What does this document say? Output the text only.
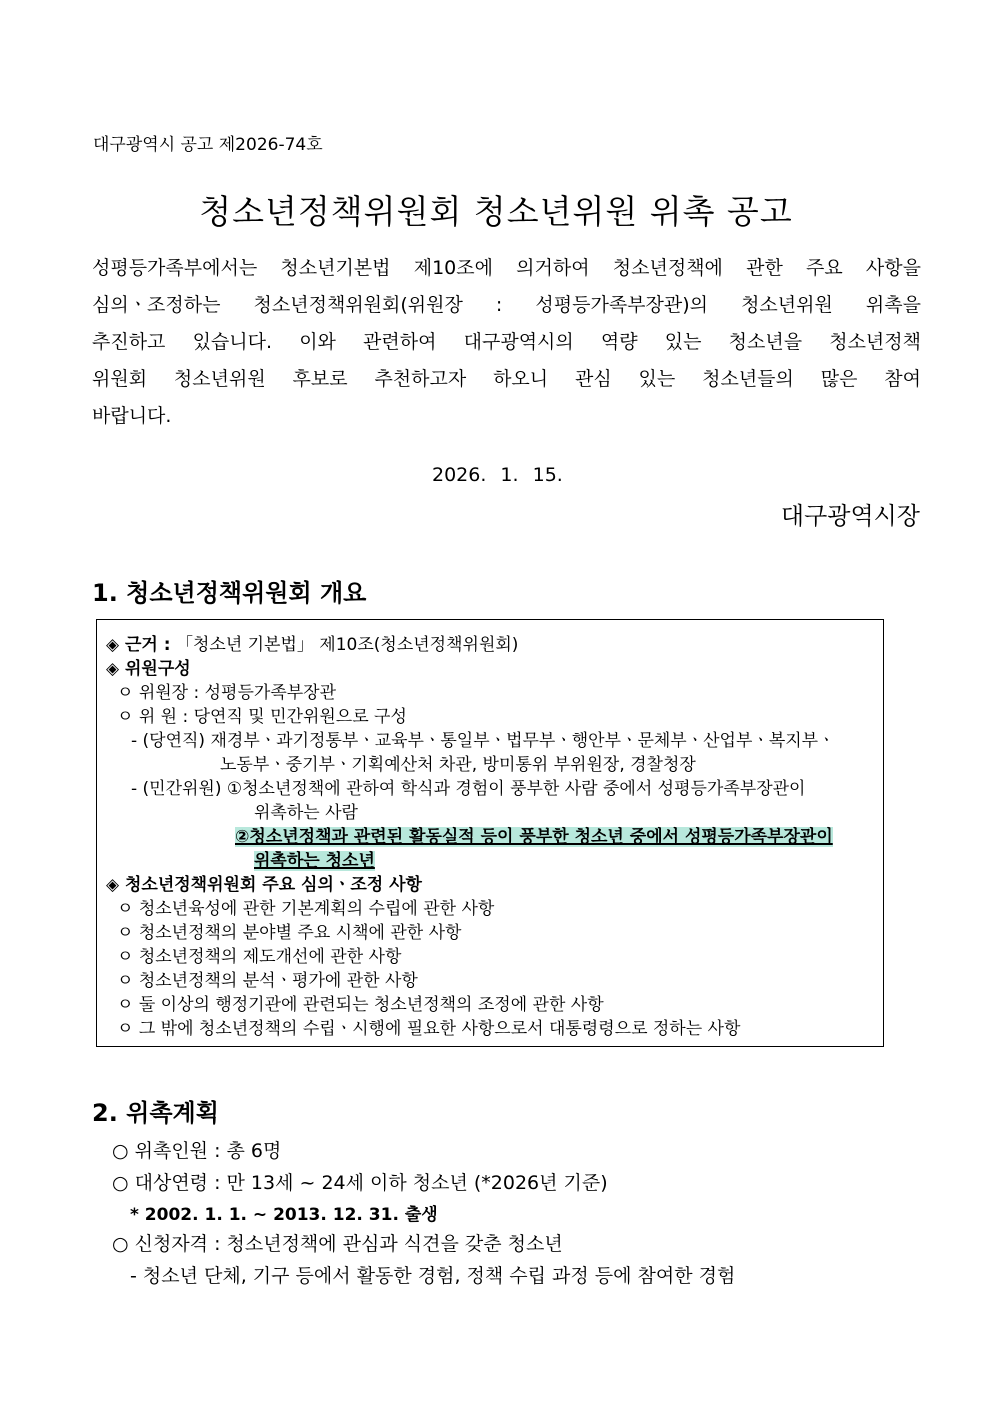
대구광역시 공고 제2026-74호
청소년정책위원회 청소년위원 위촉 공고

성평등가족부에서는 청소년기본법 제10조에 의거하여 청소년정책에 관한 주요 사항을

심의ㆍ조정하는 청소년정책위원회(위원장 : 성평등가족부장관)의 청소년위원 위촉을

추진하고 있습니다. 이와 관련하여 대구광역시의 역량 있는 청소년을 청소년정책

위원회 청소년위원 후보로 추천하고자 하오니 관심 있는 청소년들의 많은 참여

바랍니다.

2026. 1. 15.
대구광역시장
1. 청소년정책위원회 개요
◈ 근거 : 「청소년 기본법」 제10조(청소년정책위원회)
◈ 위원구성
ㅇ 위원장 : 성평등가족부장관
ㅇ 위 원 : 당연직 및 민간위원으로 구성
- (당연직) 재경부ㆍ과기정통부ㆍ교육부ㆍ통일부ㆍ법무부ㆍ행안부ㆍ문체부ㆍ산업부ㆍ복지부ㆍ
노동부ㆍ중기부ㆍ기획예산처 차관, 방미통위 부위원장, 경찰청장
- (민간위원) ①청소년정책에 관하여 학식과 경험이 풍부한 사람 중에서 성평등가족부장관이
위촉하는 사람
②청소년정책과 관련된 활동실적 등이 풍부한 청소년 중에서 성평등가족부장관이
위촉하는 청소년
◈ 청소년정책위원회 주요 심의ㆍ조정 사항
ㅇ 청소년육성에 관한 기본계획의 수립에 관한 사항
ㅇ 청소년정책의 분야별 주요 시책에 관한 사항
ㅇ 청소년정책의 제도개선에 관한 사항
ㅇ 청소년정책의 분석ㆍ평가에 관한 사항
ㅇ 둘 이상의 행정기관에 관련되는 청소년정책의 조정에 관한 사항
ㅇ 그 밖에 청소년정책의 수립ㆍ시행에 필요한 사항으로서 대통령령으로 정하는 사항
2. 위촉계획
○ 위촉인원 : 총 6명
○ 대상연령 : 만 13세 ~ 24세 이하 청소년 (*2026년 기준)
* 2002. 1. 1. ~ 2013. 12. 31. 출생
○ 신청자격 : 청소년정책에 관심과 식견을 갖춘 청소년
- 청소년 단체, 기구 등에서 활동한 경험, 정책 수립 과정 등에 참여한 경험
